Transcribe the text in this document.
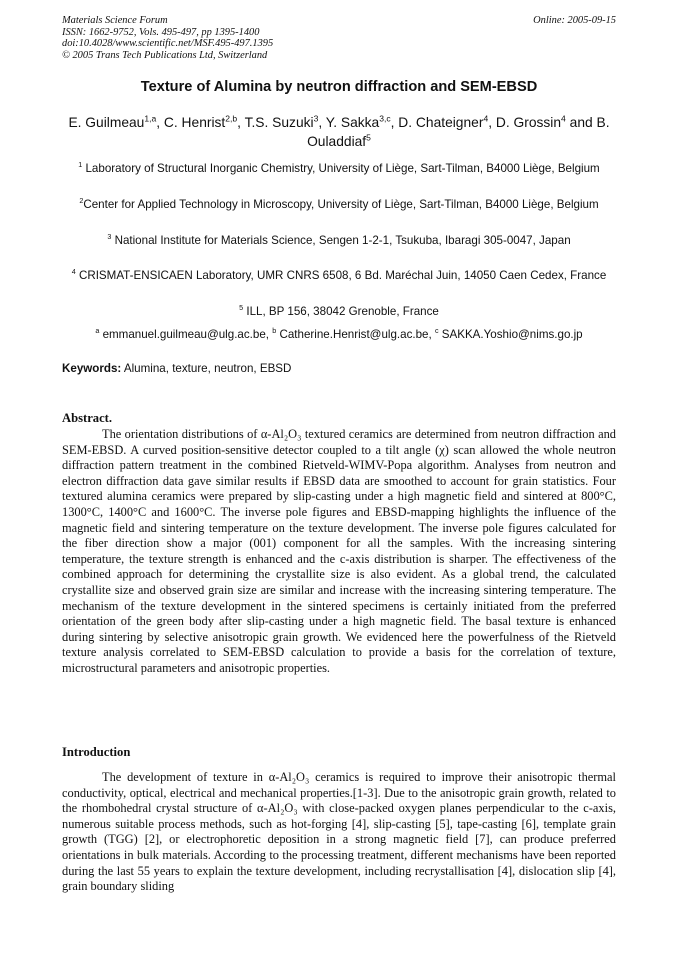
Materials Science Forum
ISSN: 1662-9752, Vols. 495-497, pp 1395-1400
doi:10.4028/www.scientific.net/MSF.495-497.1395
© 2005 Trans Tech Publications Ltd, Switzerland
Online: 2005-09-15
Texture of Alumina by neutron diffraction and SEM-EBSD
E. Guilmeau$^{1,a}$, C. Henrist$^{2,b}$, T.S. Suzuki$^3$, Y. Sakka$^{3,c}$, D. Chateigner$^4$, D. Grossin$^4$ and B. Ouladdiaf$^5$
$^1$ Laboratory of Structural Inorganic Chemistry, University of Liège, Sart-Tilman, B4000 Liège, Belgium
$^2$Center for Applied Technology in Microscopy, University of Liège, Sart-Tilman, B4000 Liège, Belgium
$^3$ National Institute for Materials Science, Sengen 1-2-1, Tsukuba, Ibaragi 305-0047, Japan
$^4$ CRISMAT-ENSICAEN Laboratory, UMR CNRS 6508, 6 Bd. Maréchal Juin, 14050 Caen Cedex, France
$^5$ ILL, BP 156, 38042 Grenoble, France
$^a$ emmanuel.guilmeau@ulg.ac.be, $^b$ Catherine.Henrist@ulg.ac.be, $^c$ SAKKA.Yoshio@nims.go.jp
Keywords: Alumina, texture, neutron, EBSD
Abstract.

The orientation distributions of α-Al₂O₃ textured ceramics are determined from neutron diffraction and SEM-EBSD. A curved position-sensitive detector coupled to a tilt angle (χ) scan allowed the whole neutron diffraction pattern treatment in the combined Rietveld-WIMV-Popa algorithm. Analyses from neutron and electron diffraction data gave similar results if EBSD data are smoothed to account for grain statistics. Four textured alumina ceramics were prepared by slip-casting under a high magnetic field and sintered at 800°C, 1300°C, 1400°C and 1600°C. The inverse pole figures and EBSD-mapping highlights the influence of the magnetic field and sintering temperature on the texture development. The inverse pole figures calculated for the fiber direction show a major (001) component for all the samples. With the increasing sintering temperature, the texture strength is enhanced and the c-axis distribution is sharper. The effectiveness of the combined approach for determining the crystallite size is also evident. As a global trend, the calculated crystallite size and observed grain size are similar and increase with the increasing sintering temperature. The mechanism of the texture development in the sintered specimens is certainly initiated from the preferred orientation of the green body after slip-casting under a high magnetic field. The basal texture is enhanced during sintering by selective anisotropic grain growth. We evidenced here the powerfulness of the Rietveld texture analysis correlated to SEM-EBSD calculation to provide a basis for the correlation of texture, microstructural parameters and anisotropic properties.

Introduction

The development of texture in α-Al₂O₃ ceramics is required to improve their anisotropic thermal conductivity, optical, electrical and mechanical properties.[1-3]. Due to the anisotropic grain growth, related to the rhombohedral crystal structure of α-Al₂O₃ with close-packed oxygen planes perpendicular to the c-axis, numerous suitable process methods, such as hot-forging [4], slip-casting [5], tape-casting [6], template grain growth (TGG) [2], or electrophoretic deposition in a strong magnetic field [7], can produce preferred orientations in bulk materials. According to the processing treatment, different mechanisms have been reported during the last 55 years to explain the texture development, including recrystallisation [4], dislocation slip [4], grain boundary sliding
